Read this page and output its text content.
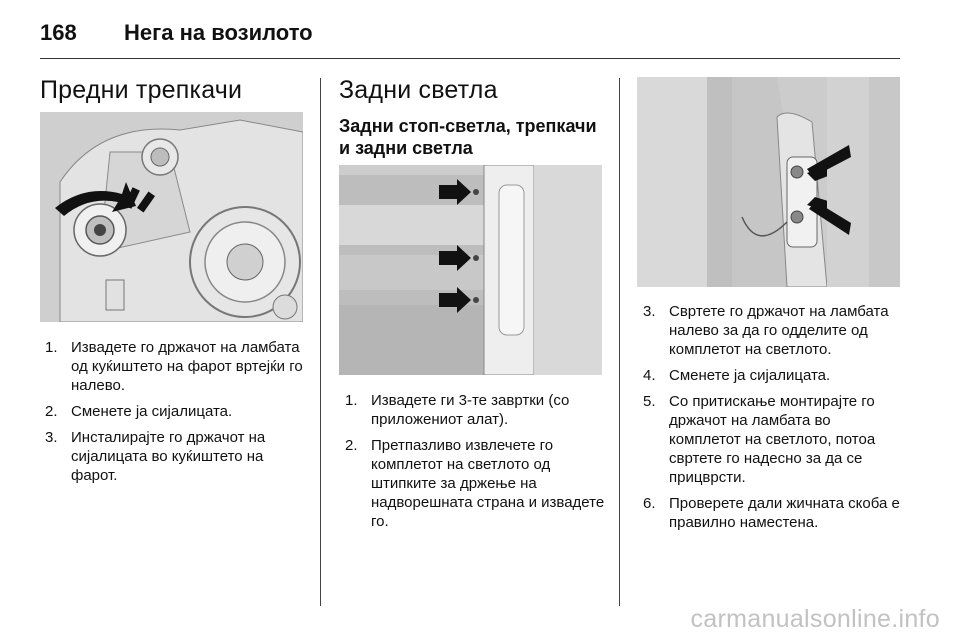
168 Нега на возилото
Предни трепкачи
1. Извадете го држачот на ламбата од куќиштето на фарот вртејќи го налево.
2. Сменете ја сијалицата.
3. Инсталирајте го држачот на сијалицата во куќиштето на фарот.
Задни светла
Задни стоп-светла, трепкачи и задни светла
1. Извадете ги 3-те завртки (со приложениот алат).
2. Претпазливо извлечете го комплетот на светлото од штипките за држење на надворешната страна и извадете го.
3. Свртете го држачот на ламбата налево за да го одделите од комплетот на светлото.
4. Сменете ја сијалицата.
5. Со притискање монтирајте го држачот на ламбата во комплетот на светлото, потоа свртете го надесно за да се прицврсти.
6. Проверете дали жичната скоба е правилно наместена.
carmanualsonline.info
